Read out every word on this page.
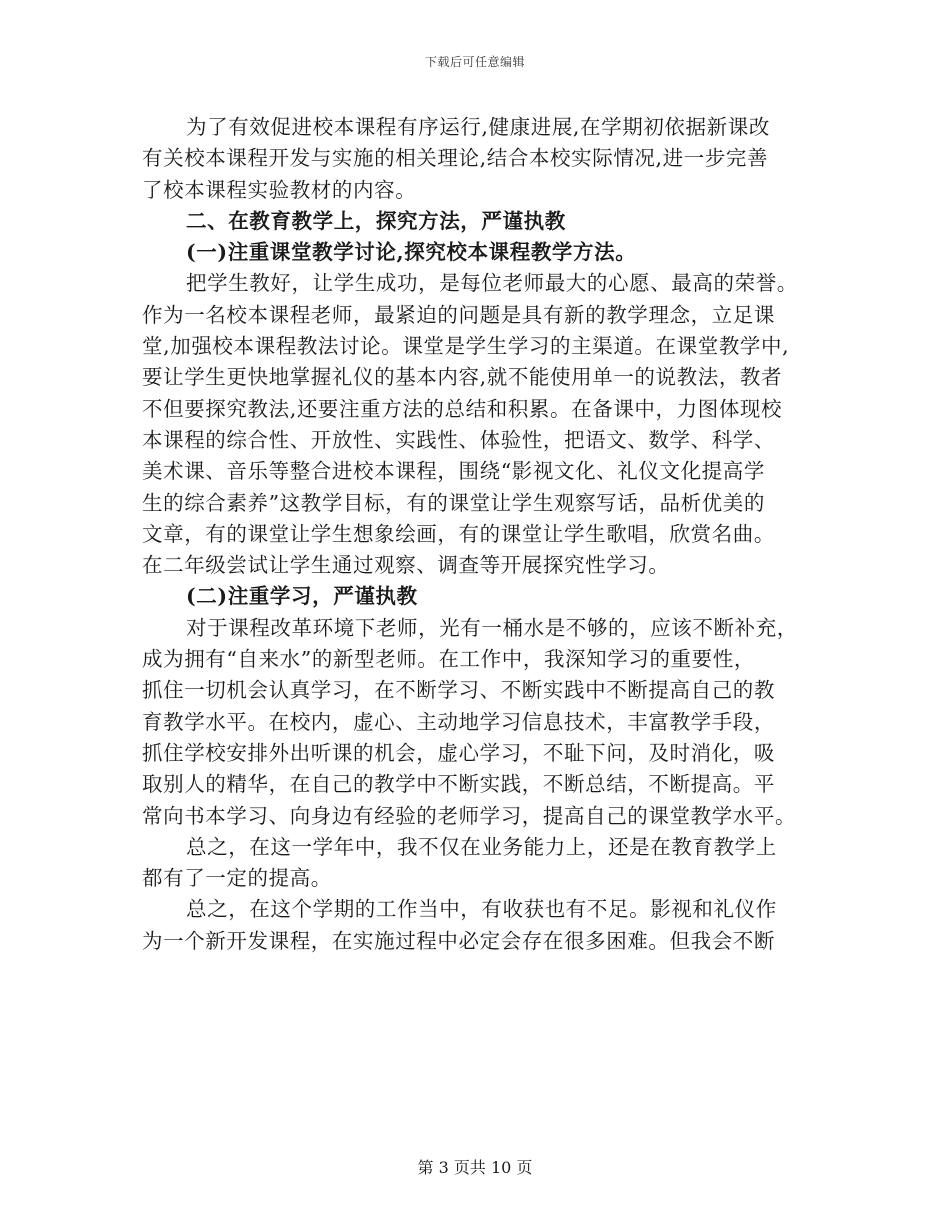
下载后可任意编辑
为了有效促进校本课程有序运行,健康进展,在学期初依据新课改
有关校本课程开发与实施的相关理论,结合本校实际情况,进一步完善
了校本课程实验教材的内容。
二、在教育教学上，探究方法，严谨执教
(一)注重课堂教学讨论,探究校本课程教学方法。
把学生教好，让学生成功，是每位老师最大的心愿、最高的荣誉。
作为一名校本课程老师，最紧迫的问题是具有新的教学理念，立足课
堂,加强校本课程教法讨论。课堂是学生学习的主渠道。在课堂教学中,
要让学生更快地掌握礼仪的基本内容,就不能使用单一的说教法，教者
不但要探究教法,还要注重方法的总结和积累。在备课中，力图体现校
本课程的综合性、开放性、实践性、体验性，把语文、数学、科学、
美术课、音乐等整合进校本课程，围绕“影视文化、礼仪文化提高学
生的综合素养”这教学目标，有的课堂让学生观察写话，品析优美的
文章，有的课堂让学生想象绘画，有的课堂让学生歌唱，欣赏名曲。
在二年级尝试让学生通过观察、调查等开展探究性学习。
(二)注重学习，严谨执教
对于课程改革环境下老师，光有一桶水是不够的，应该不断补充，
成为拥有“自来水”的新型老师。在工作中，我深知学习的重要性，
抓住一切机会认真学习，在不断学习、不断实践中不断提高自己的教
育教学水平。在校内，虚心、主动地学习信息技术，丰富教学手段，
抓住学校安排外出听课的机会，虚心学习，不耻下问，及时消化，吸
取别人的精华，在自己的教学中不断实践，不断总结，不断提高。平
常向书本学习、向身边有经验的老师学习，提高自己的课堂教学水平。
总之，在这一学年中，我不仅在业务能力上，还是在教育教学上
都有了一定的提高。
总之，在这个学期的工作当中，有收获也有不足。影视和礼仪作
为一个新开发课程，在实施过程中必定会存在很多困难。但我会不断
第 3 页共 10 页
